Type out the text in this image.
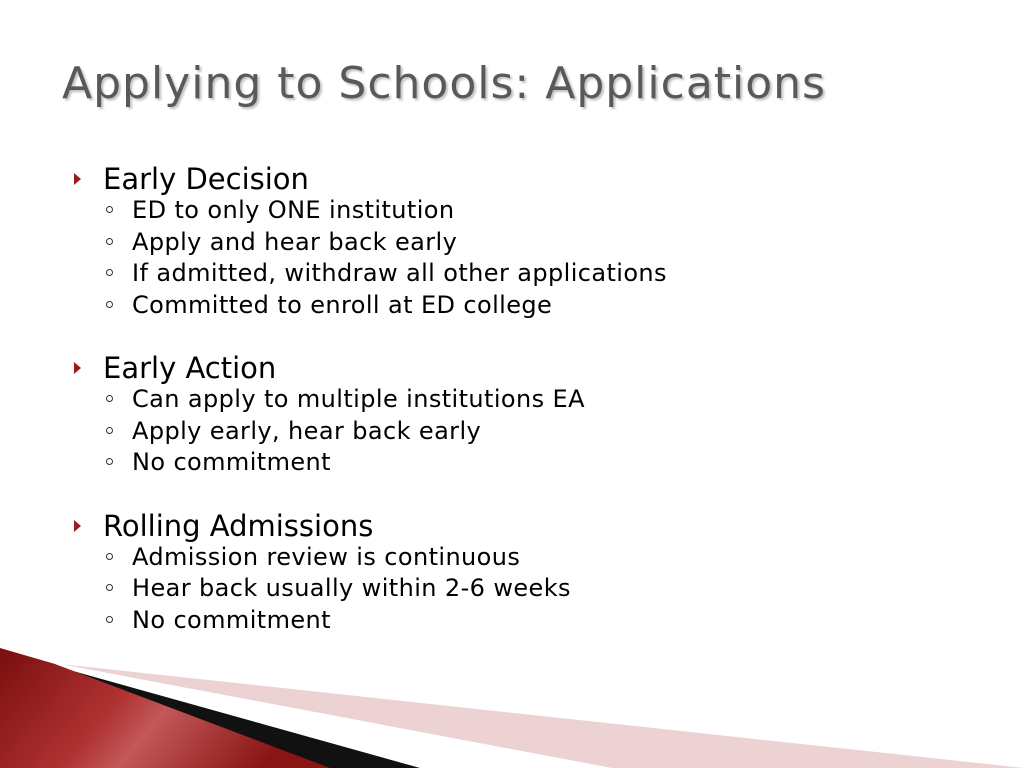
Applying to Schools: Applications
Early Decision
ED to only ONE institution
Apply and hear back early
If admitted, withdraw all other applications
Committed to enroll at ED college
Early Action
Can apply to multiple institutions EA
Apply early, hear back early
No commitment
Rolling Admissions
Admission review is continuous
Hear back usually within 2-6 weeks
No commitment
